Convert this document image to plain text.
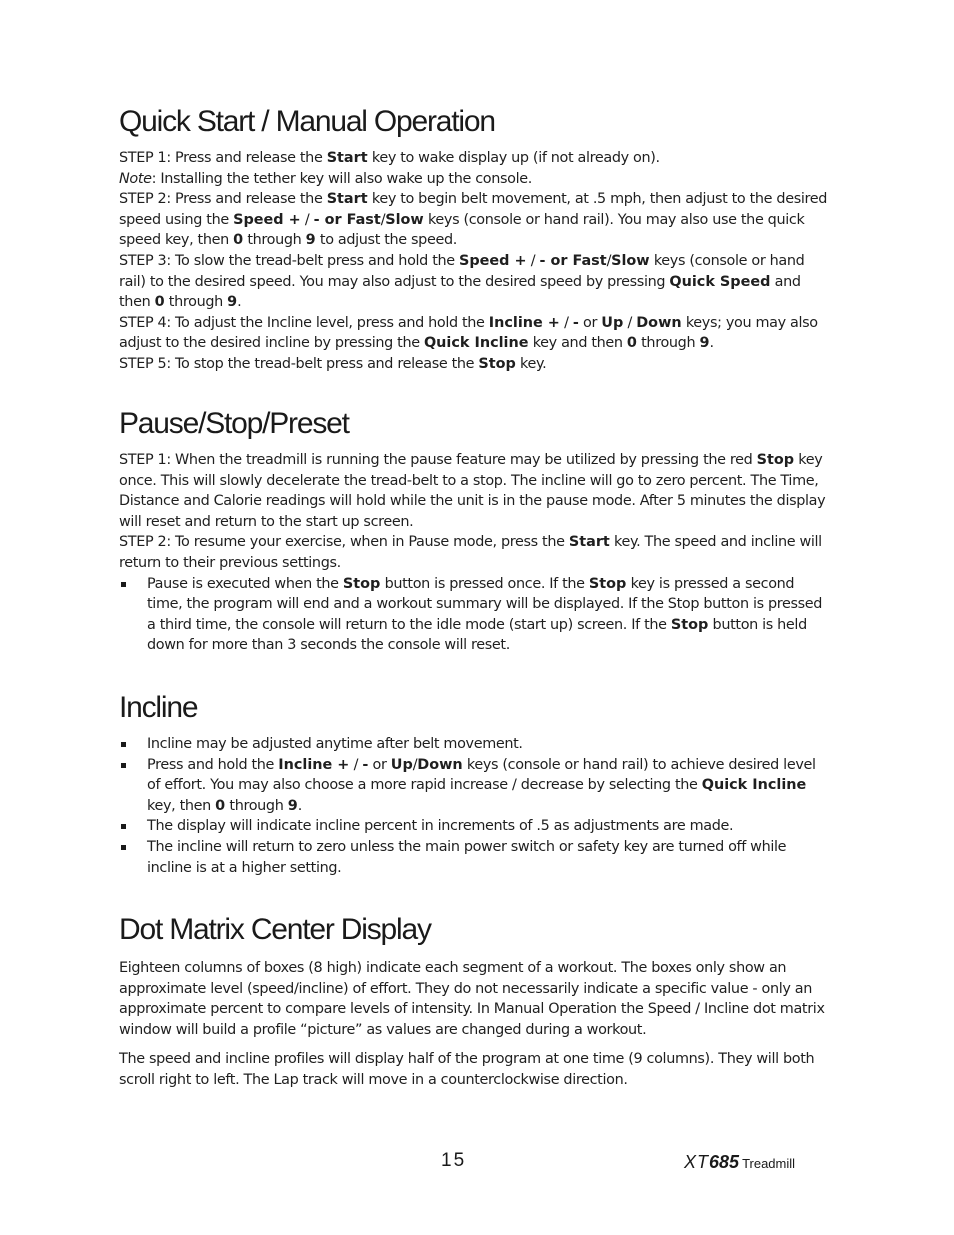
Quick Start / Manual Operation

STEP 1: Press and release the Start key to wake display up (if not already on).

Note: Installing the tether key will also wake up the console.

STEP 2: Press and release the Start key to begin belt movement, at .5 mph, then adjust to the desired speed using the Speed + / - or Fast/Slow keys (console or hand rail). You may also use the quick speed key, then 0 through 9 to adjust the speed.

STEP 3: To slow the tread-belt press and hold the Speed + / - or Fast/Slow keys (console or hand rail) to the desired speed. You may also adjust to the desired speed by pressing Quick Speed and then 0 through 9.

STEP 4: To adjust the Incline level, press and hold the Incline + / - or Up / Down keys; you may also adjust to the desired incline by pressing the Quick Incline key and then 0 through 9.

STEP 5: To stop the tread-belt press and release the Stop key.

Pause/Stop/Preset

STEP 1: When the treadmill is running the pause feature may be utilized by pressing the red Stop key once. This will slowly decelerate the tread-belt to a stop. The incline will go to zero percent. The Time, Distance and Calorie readings will hold while the unit is in the pause mode. After 5 minutes the display will reset and return to the start up screen.

STEP 2: To resume your exercise, when in Pause mode, press the Start key. The speed and incline will return to their previous settings.

Pause is executed when the Stop button is pressed once. If the Stop key is pressed a second time, the program will end and a workout summary will be displayed. If the Stop button is pressed a third time, the console will return to the idle mode (start up) screen. If the Stop button is held down for more than 3 seconds the console will reset.
Incline
Incline may be adjusted anytime after belt movement.
Press and hold the Incline + / - or Up/Down keys (console or hand rail) to achieve desired level of effort. You may also choose a more rapid increase / decrease by selecting the Quick Incline key, then 0 through 9.
The display will indicate incline percent in increments of .5 as adjustments are made.
The incline will return to zero unless the main power switch or safety key are turned off while incline is at a higher setting.
Dot Matrix Center Display

Eighteen columns of boxes (8 high) indicate each segment of a workout. The boxes only show an approximate level (speed/incline) of effort. They do not necessarily indicate a specific value - only an approximate percent to compare levels of intensity. In Manual Operation the Speed / Incline dot matrix window will build a profile “picture” as values are changed during a workout.

The speed and incline profiles will display half of the program at one time (9 columns). They will both scroll right to left. The Lap track will move in a counterclockwise direction.

15	XT685 Treadmill
